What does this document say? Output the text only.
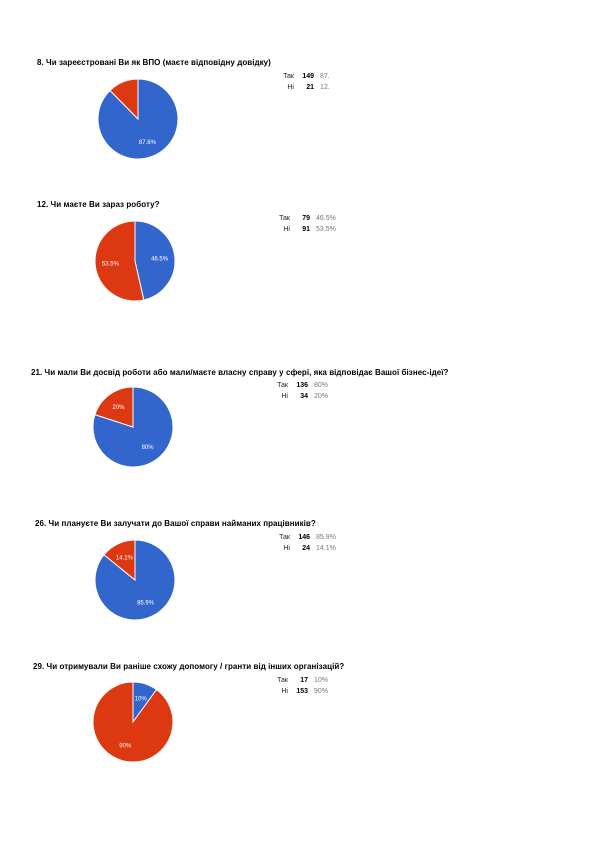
8. Чи зареєстровані Ви як ВПО (маєте відповідну довідку)
87.6%
Так	149	87.
Ні	21	12.
12. Чи маєте Ви зараз роботу?
46.5%
53.5%
Так	79	46.5%
Ні	91	53.5%
21. Чи мали Ви досвід роботи або мали/маєте власну справу у сфері, яка відповідає Вашої бізнес-ідеї?
80%
20%
Так	136	80%
Ні	34	20%
26. Чи плануєте Ви залучати до Вашої справи найманих працівників?
85.9%
14.1%
Так	146	85.9%
Ні	24	14.1%
29. Чи отримували Ви раніше схожу допомогу / гранти від інших організацій?
10%
90%
Так	17	10%
Ні	153	90%
